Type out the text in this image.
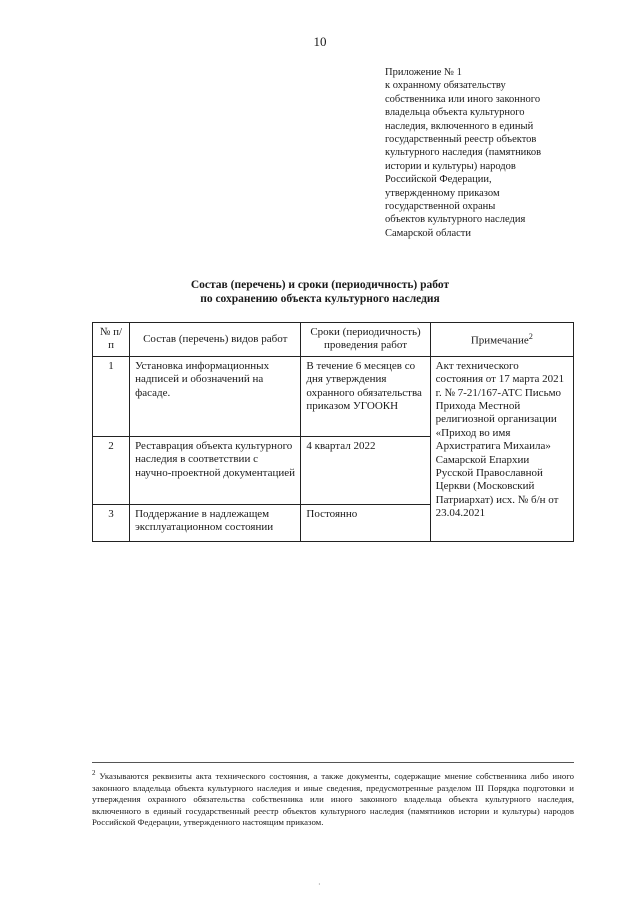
10
Приложение № 1
к охранному обязательству
собственника или иного законного
владельца объекта культурного
наследия, включенного в единый
государственный реестр объектов
культурного наследия (памятников
истории и культуры) народов
Российской Федерации,
утвержденному приказом
государственной охраны
объектов культурного наследия
Самарской области
Состав (перечень) и сроки (периодичность) работ
по сохранению объекта культурного наследия
№ п/п	Состав (перечень) видов работ	Сроки (периодичность) проведения работ	Примечание$^2$
1	Установка информационных надписей и обозначений на фасаде.	В течение 6 месяцев со дня утверждения охранного обязательства приказом УГООКН	Акт технического состояния от 17 марта 2021 г. № 7-21/167-АТС Письмо Прихода Местной религиозной организации «Приход во имя Архистратига Михаила» Самарской Епархии Русской Православной Церкви (Московский Патриархат) исх. № б/н от 23.04.2021
2	Реставрация объекта культурного наследия в соответствии с научно-проектной документацией	4 квартал 2022	
3	Поддержание в надлежащем эксплуатационном состоянии	Постоянно	
$^2$ Указываются реквизиты акта технического состояния, а также документы, содержащие мнение собственника либо иного законного владельца объекта культурного наследия и иные сведения, предусмотренные разделом III Порядка подготовки и утверждения охранного обязательства собственника или иного законного владельца объекта культурного наследия, включенного в единый государственный реестр объектов культурного наследия (памятников истории и культуры) народов Российской Федерации, утвержденного настоящим приказом.
·
